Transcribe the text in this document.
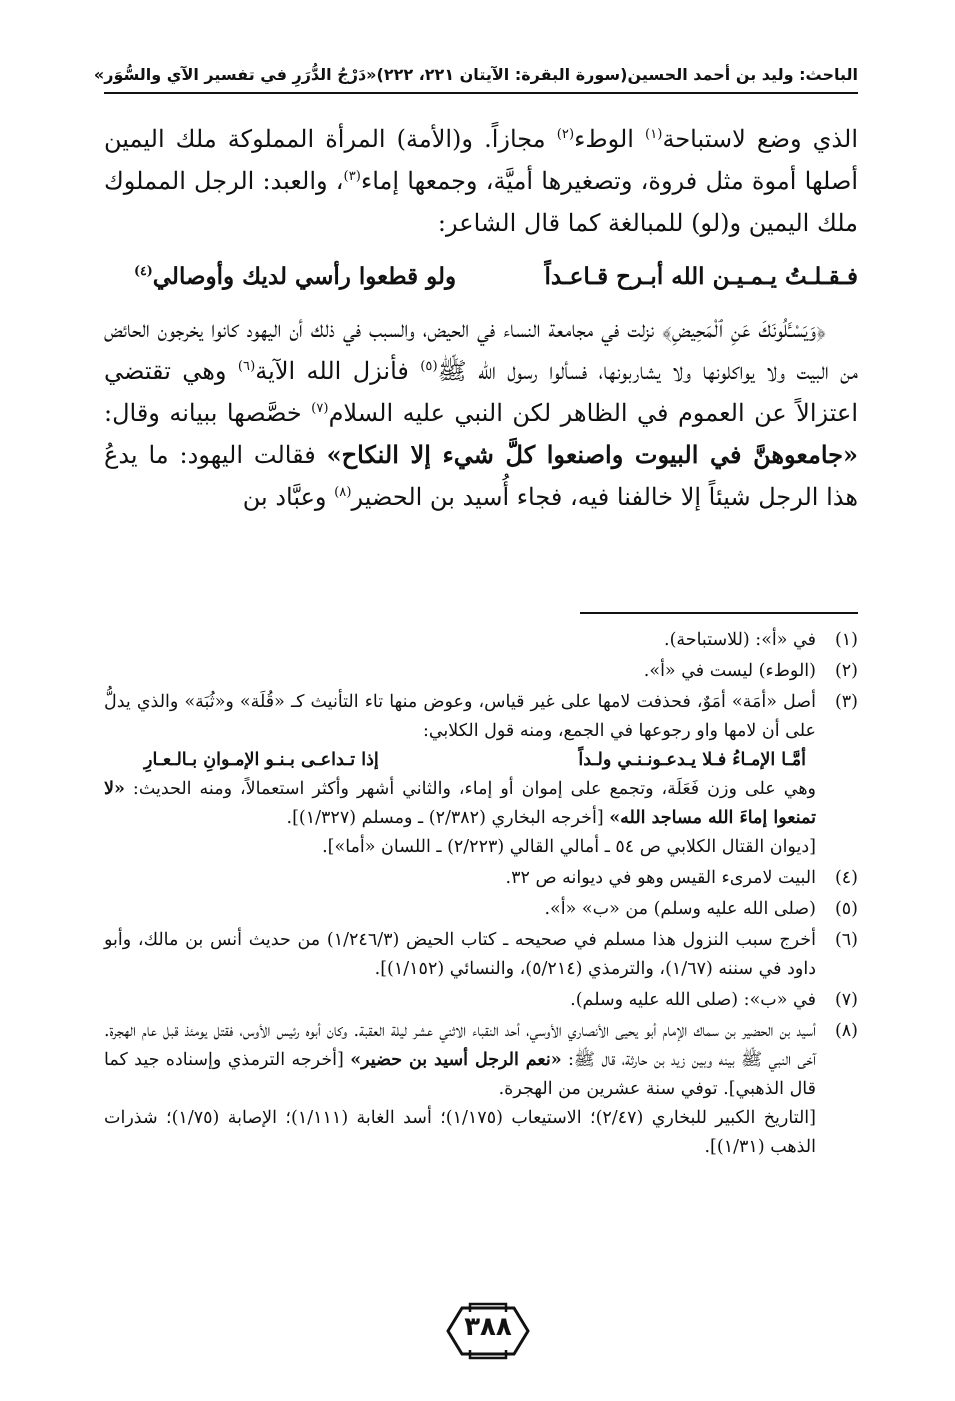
الباحث: وليد بن أحمد الحسين
(سورة البقرة: الآيتان ٢٢١، ٢٢٢)
«دَرْجُ الدُّرَرِ في تفسير الآي والسُّوَر»

الذي وضع لاستباحة$^{(١)}$ الوطء$^{(٢)}$ مجازاً. و(الأمة) المرأة المملوكة ملك اليمين أصلها أموة مثل فروة، وتصغيرها أميَّة، وجمعها إماء$^{(٣)}$، والعبد: الرجل المملوك ملك اليمين و(لو) للمبالغة كما قال الشاعر:

فـقـلـتُ يـمـيـن الله أبـرح قـاعـداً
ولو قطعوا رأسي لديك وأوصالي$^{(٤)}$

﴿وَيَسْـَٔلُونَكَ عَنِ ٱلْمَحِيضِ﴾ نزلت في مجامعة النساء في الحيض، والسبب في ذلك أن اليهود كانوا يخرجون الحائض من البيت ولا يواكلونها ولا يشاربونها، فسألوا رسول الله ﷺ$^{(٥)}$ فأنزل الله الآية$^{(٦)}$ وهي تقتضي اعتزالاً عن العموم في الظاهر لكن النبي عليه السلام$^{(٧)}$ خصَّصها ببيانه وقال: «جامعوهنَّ في البيوت واصنعوا كلَّ شيء إلا النكاح» فقالت اليهود: ما يدعُ هذا الرجل شيئاً إلا خالفنا فيه، فجاء أُسيد بن الحضير$^{(٨)}$ وعبَّاد بن

(١)
في «أ»: (للاستباحة).
(٢)
(الوطء) ليست في «أ».
(٣)

أصل «أمَة» أمَوٌ، فحذفت لامها على غير قياس، وعوض منها تاء التأنيث كـ «قُلَة» و«ثُبَة» والذي يدلُّ على أن لامها واو رجوعها في الجمع، ومنه قول الكلابي:

أمَّـا الإمـاءُ فـلا يـدعـونـنـي ولـداً
إذا تـداعـى بـنـو الإمـوانِ بـالـعـارِ

وهي على وزن فَعَلَة، وتجمع على إموان أو إماء، والثاني أشهر وأكثر استعمالاً، ومنه الحديث: «لا تمنعوا إماءَ الله مساجد الله» [أخرجه البخاري (٢/٣٨٢) ـ ومسلم (١/٣٢٧)].

[ديوان القتال الكلابي ص ٥٤ ـ أمالي القالي (٢/٢٢٣) ـ اللسان «أما»].

(٤)
البيت لامرىء القيس وهو في ديوانه ص ٣٢.
(٥)
(صلى الله عليه وسلم) من «ب» «أ».
(٦)
أخرج سبب النزول هذا مسلم في صحيحه ـ كتاب الحيض (١/٢٤٦/٣) من حديث أنس بن مالك، وأبو داود في سننه (١/٦٧)، والترمذي (٥/٢١٤)، والنسائي (١/١٥٢)].
(٧)
في «ب»: (صلى الله عليه وسلم).
(٨)

أسيد بن الحضير بن سماك الإمام أبو يحيى الأنصاري الأوسي، أحد النقباء الاثني عشر ليلة العقبة. وكان أبوه رئيس الأوس، فقتل يومئذ قبل عام الهجرة. آخى النبي ﷺ بينه وبين زيد بن حارثة، قال ﷺ: «نعم الرجل أسيد بن حضير» [أخرجه الترمذي وإسناده جيد كما قال الذهبي]. توفي سنة عشرين من الهجرة.

[التاريخ الكبير للبخاري (٢/٤٧)؛ الاستيعاب (١/١٧٥)؛ أسد الغابة (١/١١١)؛ الإصابة (١/٧٥)؛ شذرات الذهب (١/٣١)].

٣٨٨
